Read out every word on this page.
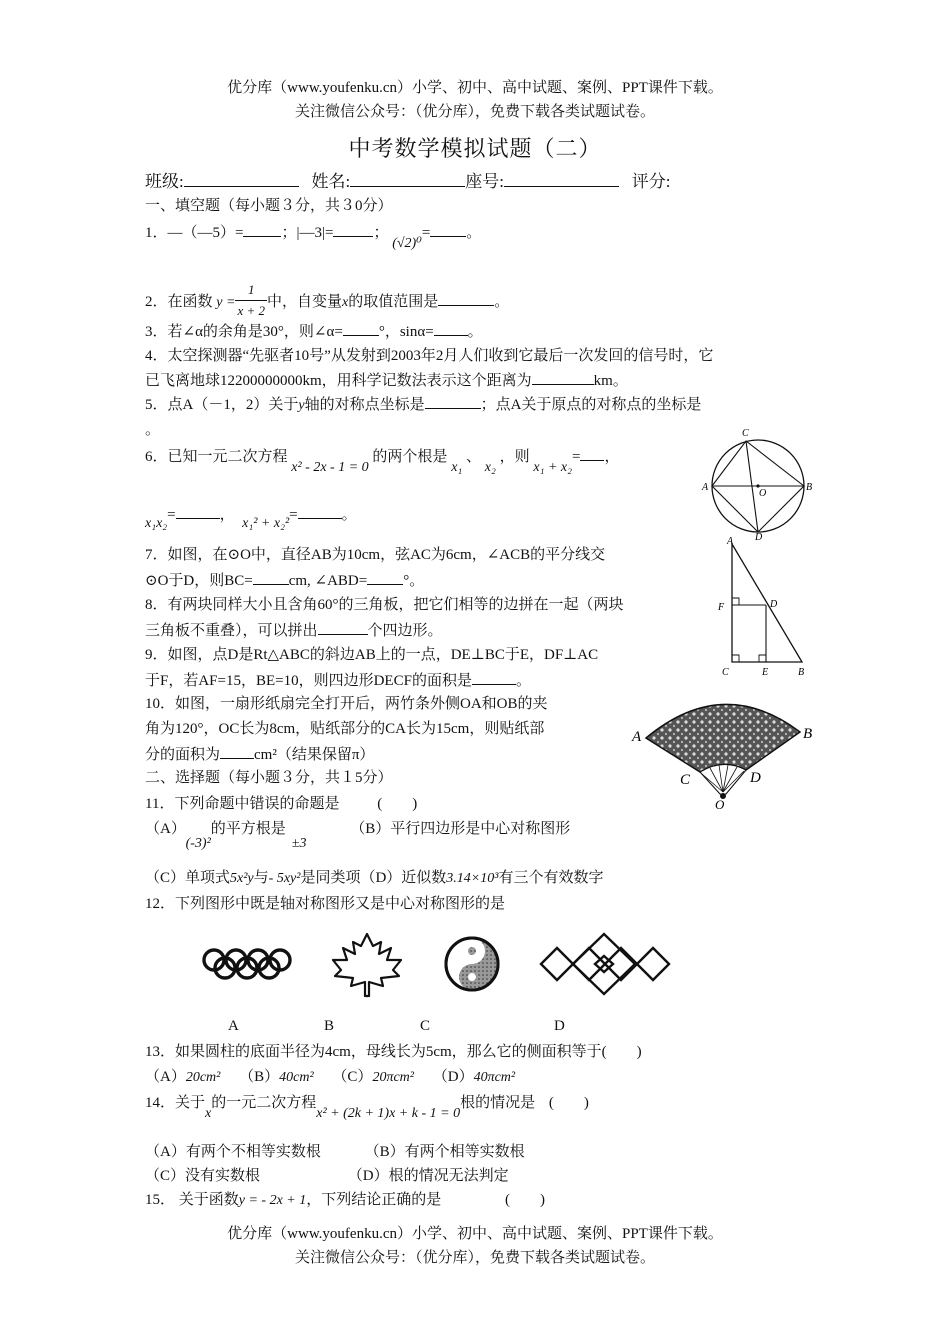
优分库（www.youfenku.cn）小学、初中、高中试题、案例、PPT课件下载。
关注微信公众号：（优分库），免费下载各类试题试卷。
中考数学模拟试题（二）
班级:	姓名:	座号:	评分:
一、填空题（每小题３分，共３0分）
1．—（—5）=	；|—3|=	； (√2)⁰= 。
2．在函数 $y = \frac{1}{x + 2}$ 中，自变量x的取值范围是	。
3．若∠α的余角是30°，则∠α= °，sinα= 。
4．太空探测器“先驱者10号”从发射到2003年2月人们收到它最后一次发回的信号时，它
已飞离地球12200000000km，用科学记数法表示这个距离为	km。
5．点A（－1，2）关于y轴的对称点坐标是	；点A关于原点的对称点的坐标是
。
6．已知一元二次方程 x² - 2x - 1 = 0 的两个根是 x₁ 、 x₂ ，则 x₁ + x₂= ，
x₁x₂=	，  x₁² + x₂²=	。
C
A
O
B
D
7．如图，在⊙O中，直径AB为10cm，弦AC为6cm，∠ACB的平分线交
⊙O于D，则BC= cm, ∠ABD= °。
8．有两块同样大小且含角60°的三角板，把它们相等的边拼在一起（两块
三角板不重叠），可以拼出	个四边形。
9．如图，点D是Rt△ABC的斜边AB上的一点，DE⊥BC于E，DF⊥AC
于F，若AF=15，BE=10，则四边形DECF的面积是	。
A
D
F
C	E	B
10．如图，一扇形纸扇完全打开后，两竹条外侧OA和OB的夹
角为120°，OC长为8cm，贴纸部分的CA长为15cm，则贴纸部
分的面积为 cm²（结果保留π）
A	B
C	D
O
二、选择题（每小题３分，共１5分）
11．下列命题中错误的命题是	(　　)
（A） (-3)²的平方根是±3 （B）平行四边形是中心对称图形
（C）单项式5x²y与- 5xy²是同类项（D）近似数3.14×10³有三个有效数字
12．下列图形中既是轴对称图形又是中心对称图形的是
A	B	C	D
13．如果圆柱的底面半径为4cm，母线长为5cm，那么它的侧面积等于(　　)
（A）20cm² （B）40cm² （C）20πcm² （D）40πcm²
14．关于x的一元二次方程x² + (2k + 1)x + k - 1 = 0根的情况是 (　　)
（A）有两个不相等实数根	（B）有两个相等实数根
（C）没有实数根	（D）根的情况无法判定
15． 关于函数y = - 2x + 1，下列结论正确的是	(　　)
优分库（www.youfenku.cn）小学、初中、高中试题、案例、PPT课件下载。
关注微信公众号：（优分库），免费下载各类试题试卷。
